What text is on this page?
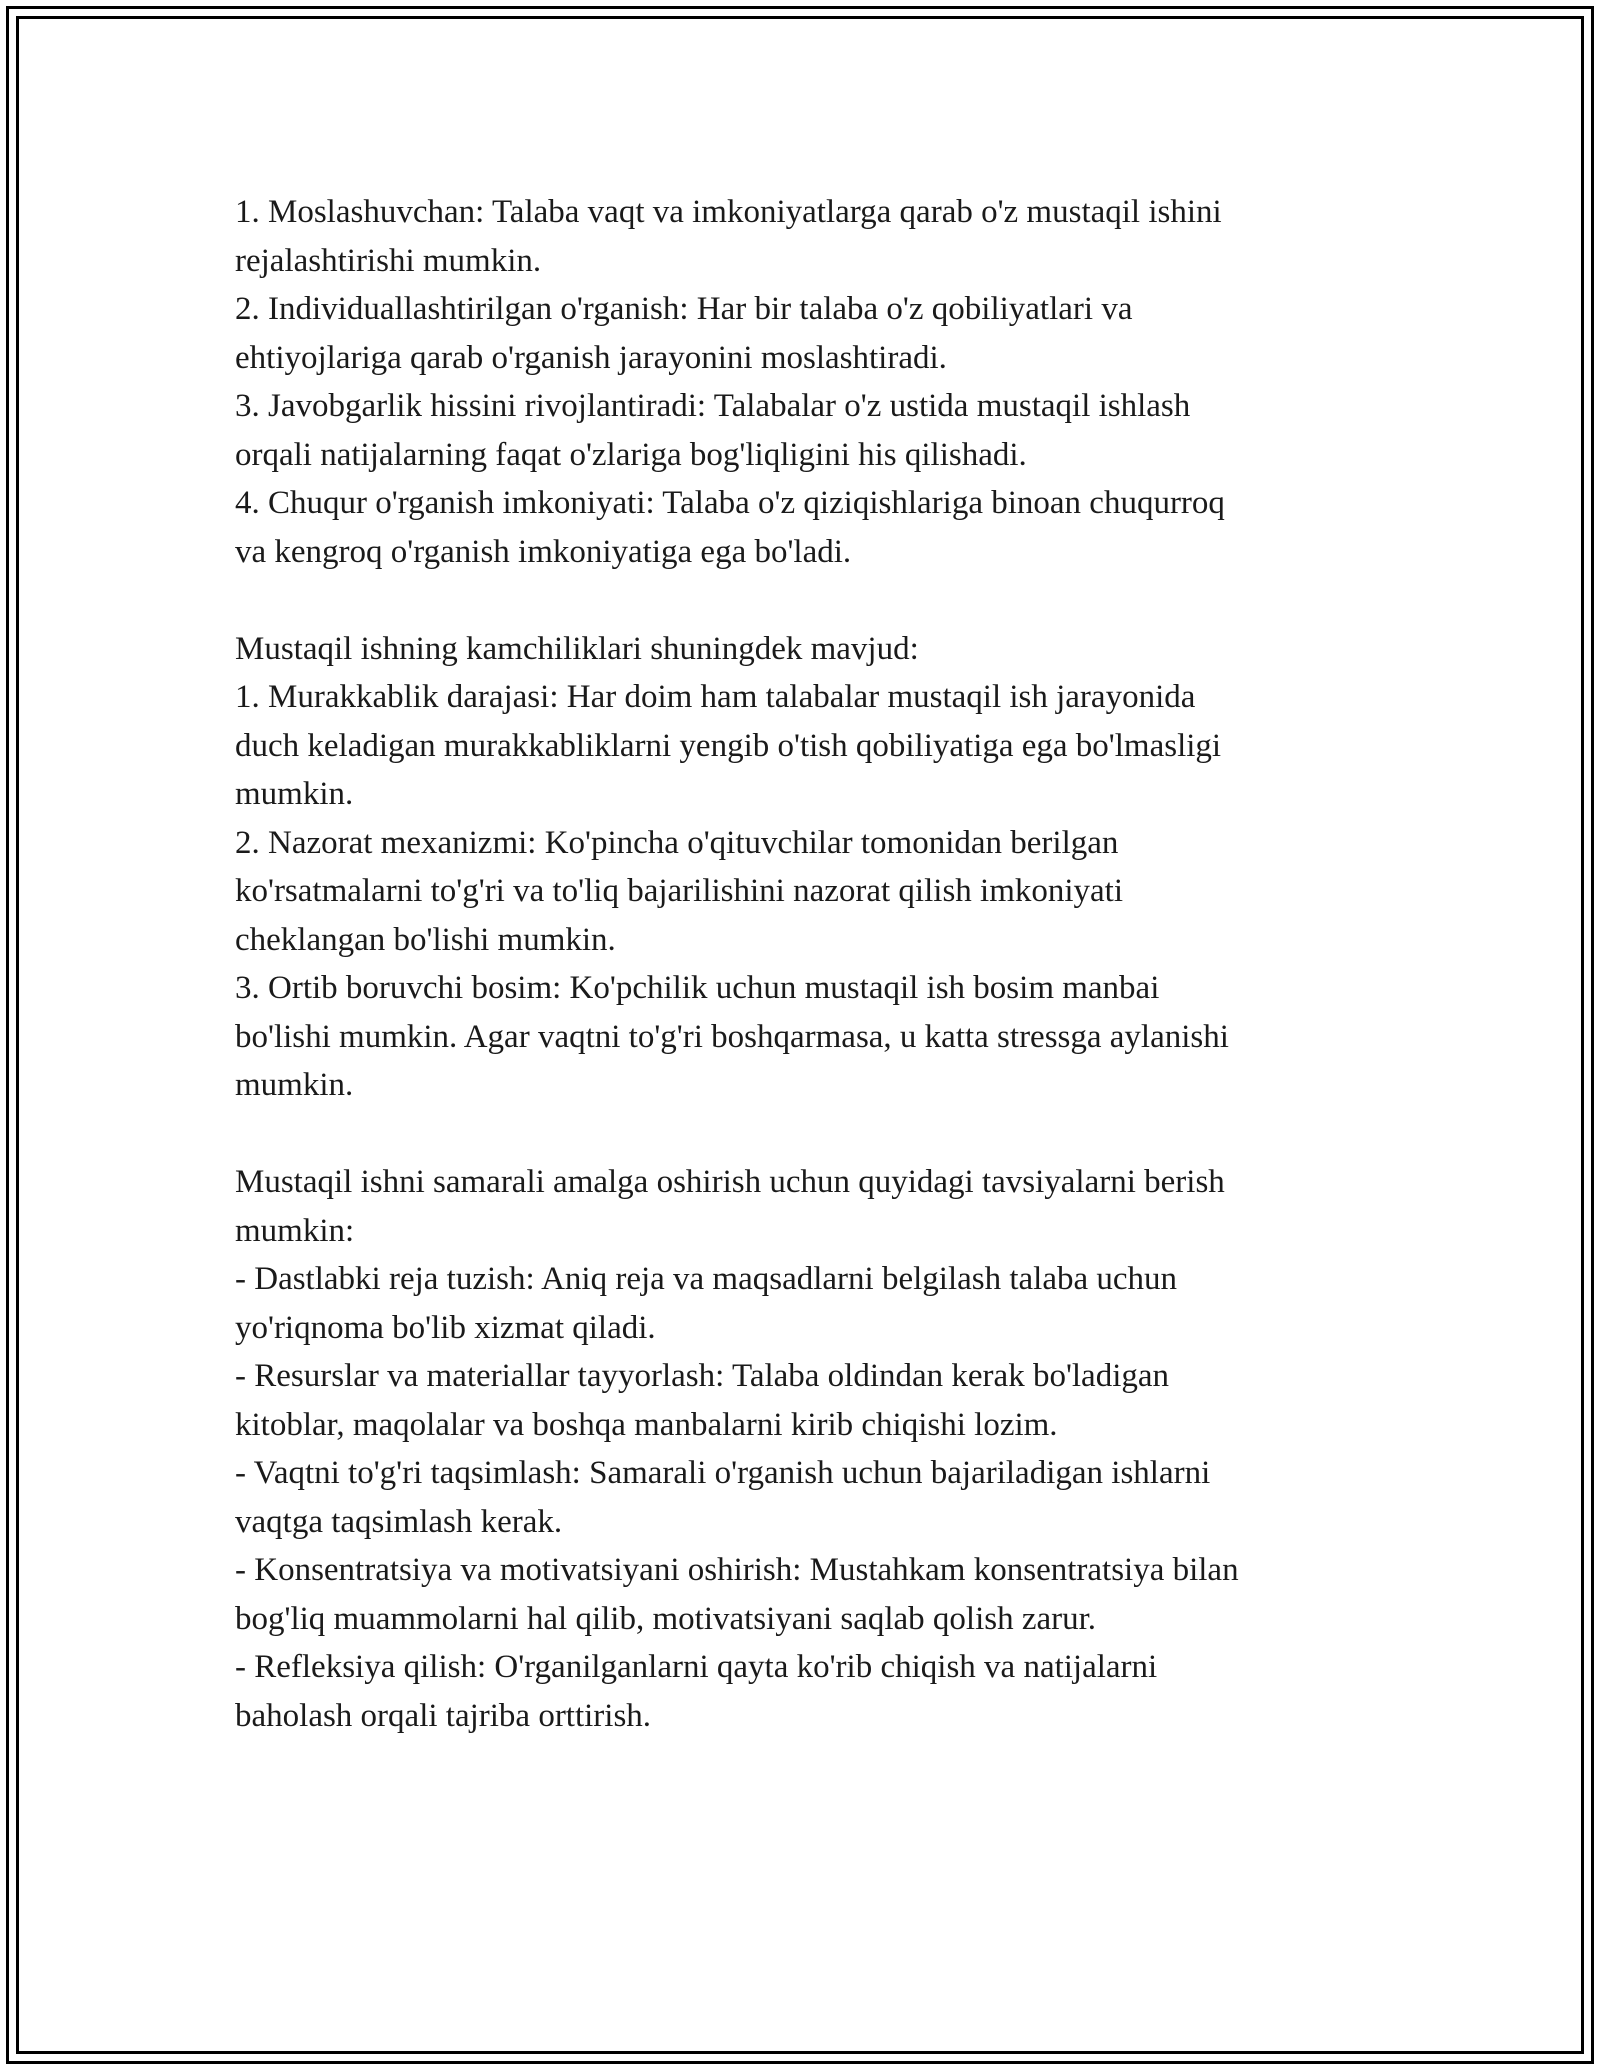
1. Moslashuvchan: Talaba vaqt va imkoniyatlarga qarab o'z mustaqil ishini
rejalashtirishi mumkin.
2. Individuallashtirilgan o'rganish: Har bir talaba o'z qobiliyatlari va
ehtiyojlariga qarab o'rganish jarayonini moslashtiradi.
3. Javobgarlik hissini rivojlantiradi: Talabalar o'z ustida mustaqil ishlash
orqali natijalarning faqat o'zlariga bog'liqligini his qilishadi.
4. Chuqur o'rganish imkoniyati: Talaba o'z qiziqishlariga binoan chuqurroq
va kengroq o'rganish imkoniyatiga ega bo'ladi.
Mustaqil ishning kamchiliklari shuningdek mavjud:
1. Murakkablik darajasi: Har doim ham talabalar mustaqil ish jarayonida
duch keladigan murakkabliklarni yengib o'tish qobiliyatiga ega bo'lmasligi
mumkin.
2. Nazorat mexanizmi: Ko'pincha o'qituvchilar tomonidan berilgan
ko'rsatmalarni to'g'ri va to'liq bajarilishini nazorat qilish imkoniyati
cheklangan bo'lishi mumkin.
3. Ortib boruvchi bosim: Ko'pchilik uchun mustaqil ish bosim manbai
bo'lishi mumkin. Agar vaqtni to'g'ri boshqarmasa, u katta stressga aylanishi
mumkin.
Mustaqil ishni samarali amalga oshirish uchun quyidagi tavsiyalarni berish
mumkin:
- Dastlabki reja tuzish: Aniq reja va maqsadlarni belgilash talaba uchun
yo'riqnoma bo'lib xizmat qiladi.
- Resurslar va materiallar tayyorlash: Talaba oldindan kerak bo'ladigan
kitoblar, maqolalar va boshqa manbalarni kirib chiqishi lozim.
- Vaqtni to'g'ri taqsimlash: Samarali o'rganish uchun bajariladigan ishlarni
vaqtga taqsimlash kerak.
- Konsentratsiya va motivatsiyani oshirish: Mustahkam konsentratsiya bilan
bog'liq muammolarni hal qilib, motivatsiyani saqlab qolish zarur.
- Refleksiya qilish: O'rganilganlarni qayta ko'rib chiqish va natijalarni
baholash orqali tajriba orttirish.
